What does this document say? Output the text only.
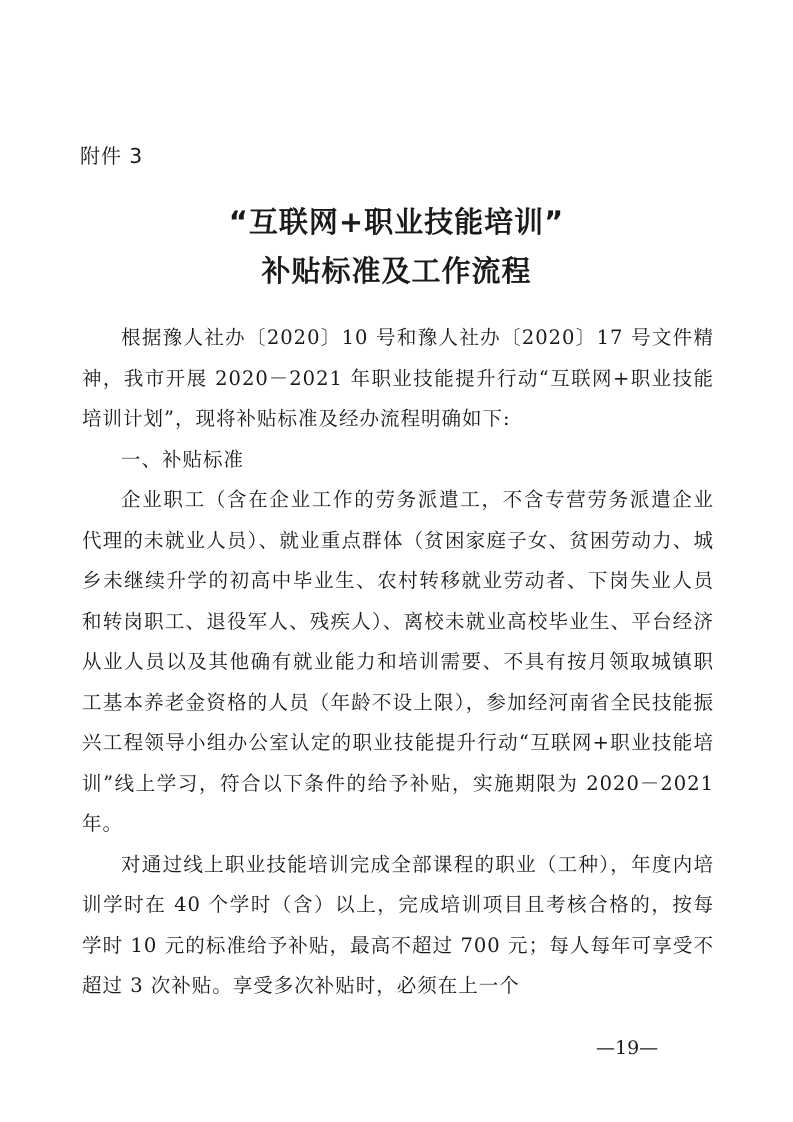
附件 3
“互联网+职业技能培训”
补贴标准及工作流程

根据豫人社办〔2020〕10 号和豫人社办〔2020〕17 号文件精神，我市开展 2020－2021 年职业技能提升行动“互联网+职业技能培训计划”，现将补贴标准及经办流程明确如下:

一、补贴标准

企业职工（含在企业工作的劳务派遣工，不含专营劳务派遣企业代理的未就业人员）、就业重点群体（贫困家庭子女、贫困劳动力、城乡未继续升学的初高中毕业生、农村转移就业劳动者、下岗失业人员和转岗职工、退役军人、残疾人）、离校未就业高校毕业生、平台经济从业人员以及其他确有就业能力和培训需要、不具有按月领取城镇职工基本养老金资格的人员（年龄不设上限），参加经河南省全民技能振兴工程领导小组办公室认定的职业技能提升行动“互联网+职业技能培训”线上学习，符合以下条件的给予补贴，实施期限为 2020－2021 年。

对通过线上职业技能培训完成全部课程的职业（工种），年度内培训学时在 40 个学时（含）以上，完成培训项目且考核合格的，按每学时 10 元的标准给予补贴，最高不超过 700 元；每人每年可享受不超过 3 次补贴。享受多次补贴时，必须在上一个

—19—
